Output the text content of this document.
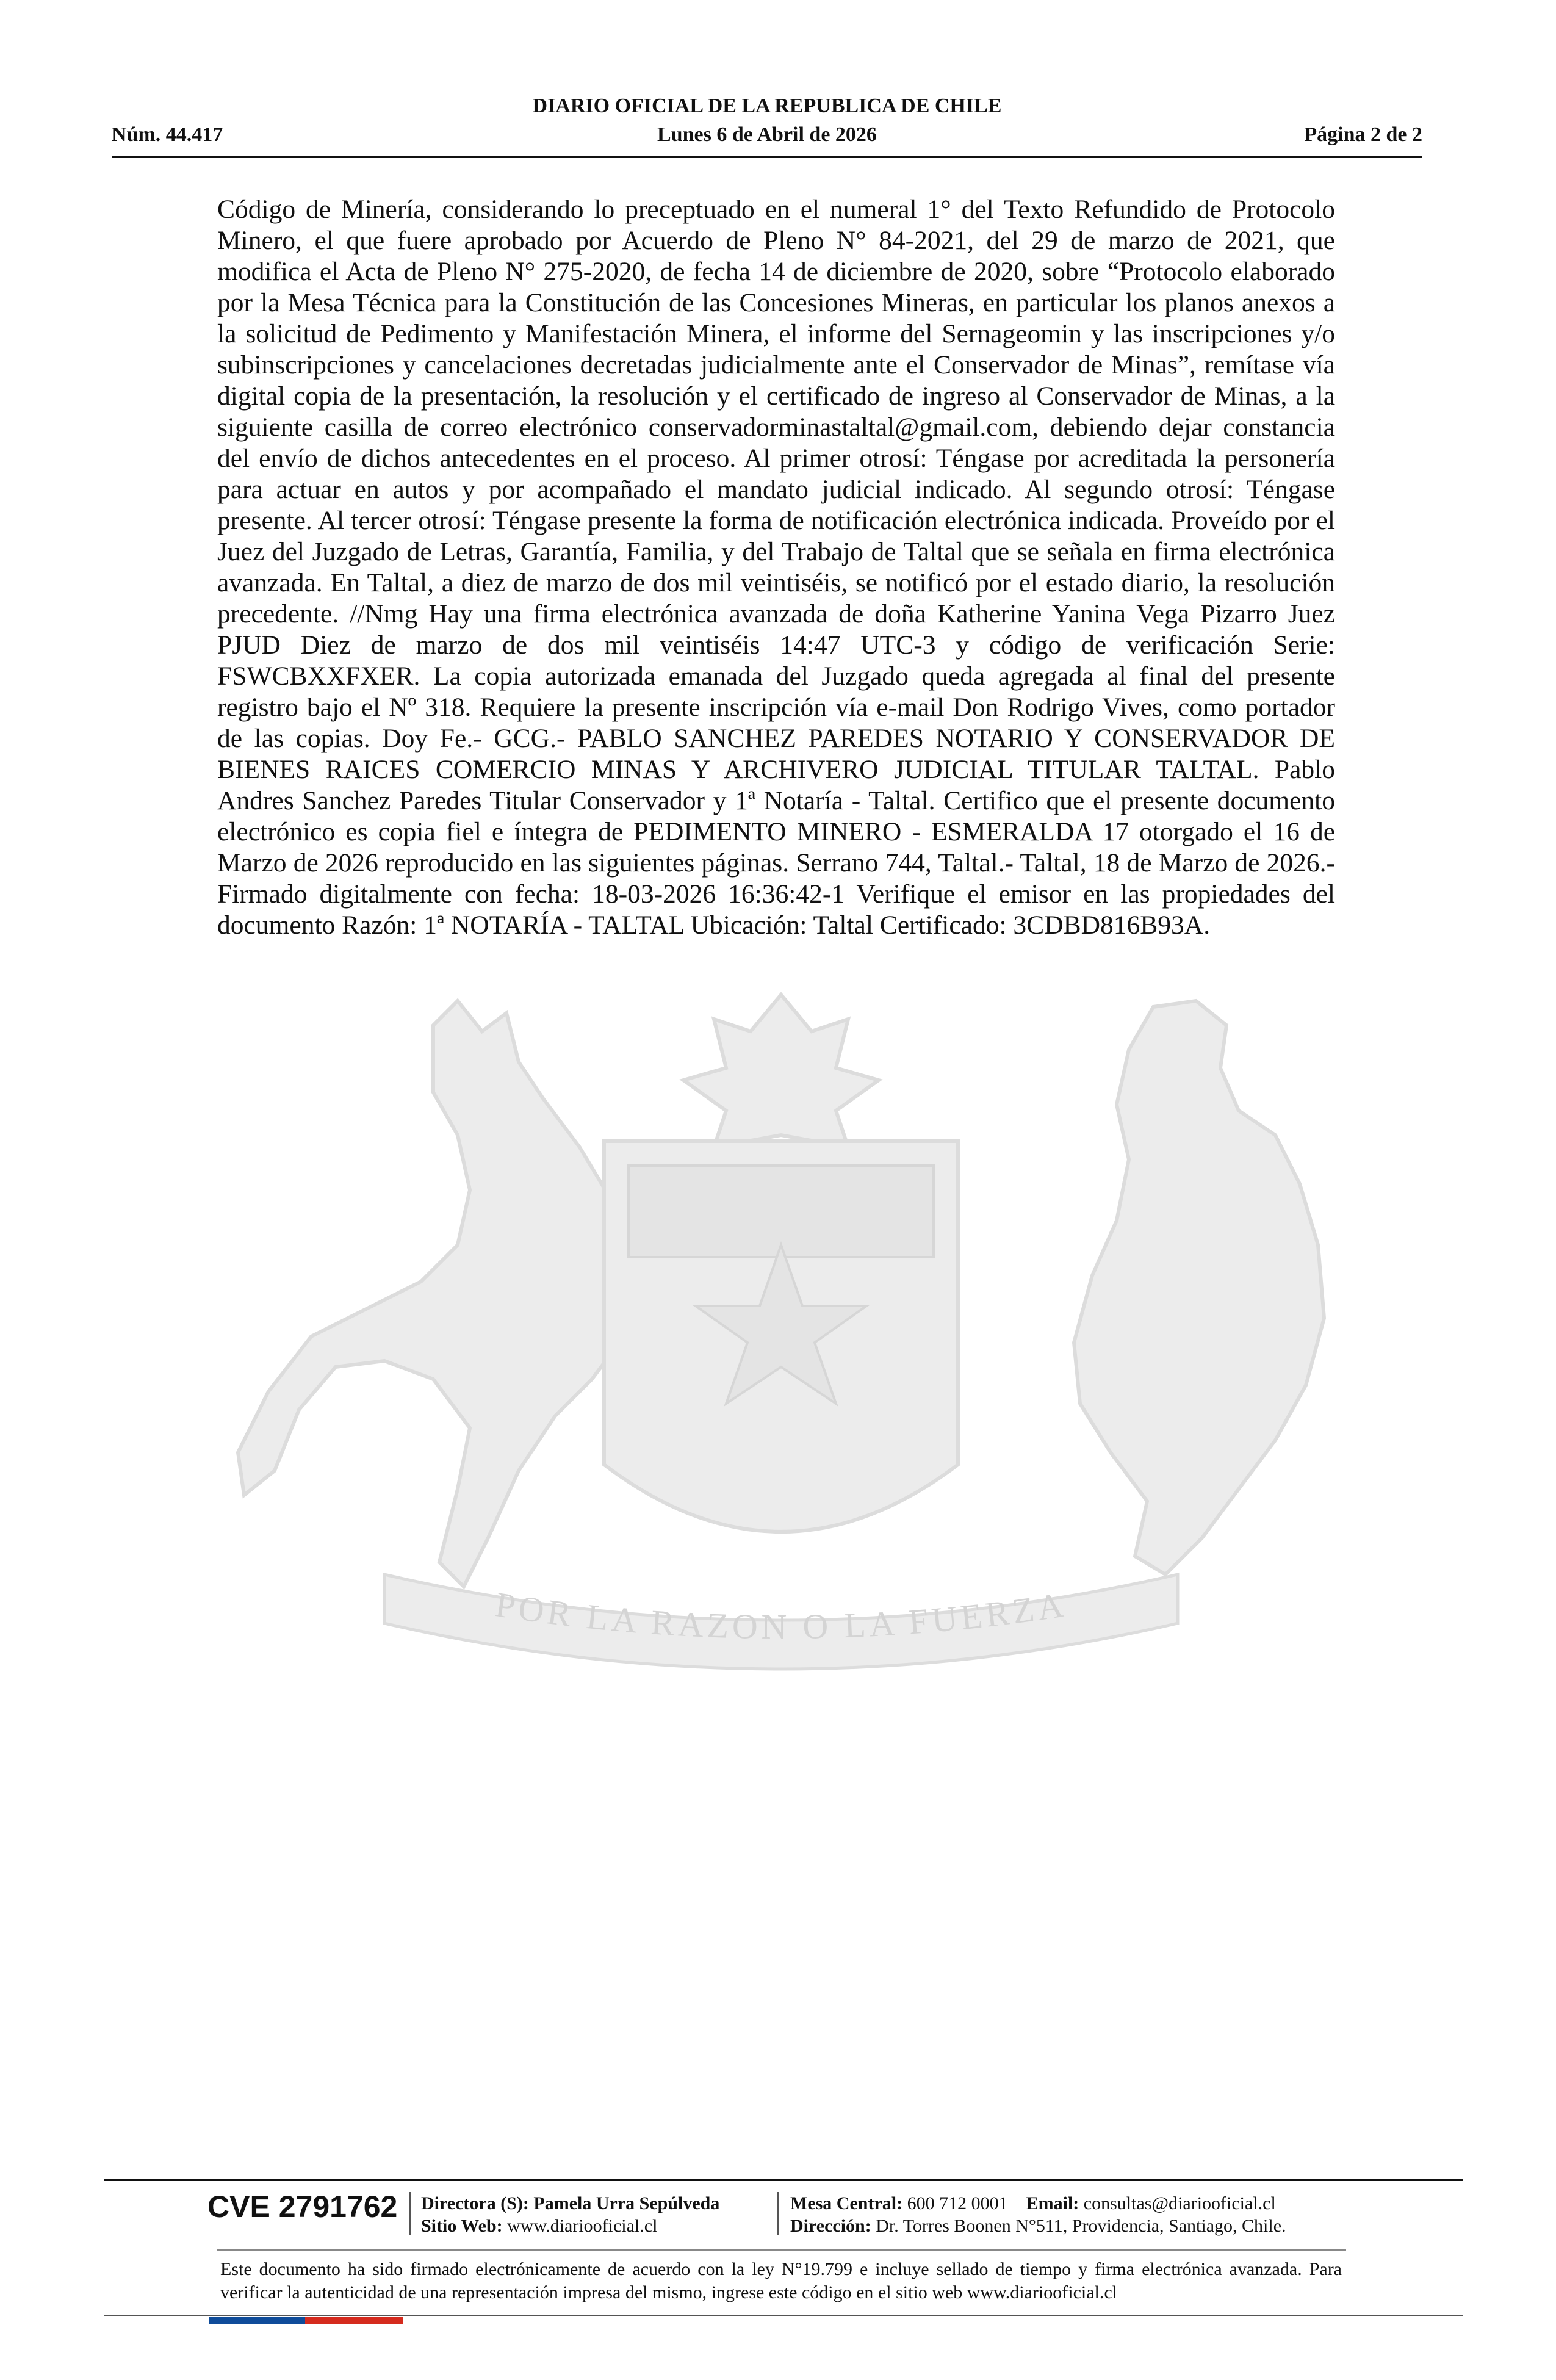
DIARIO OFICIAL DE LA REPUBLICA DE CHILE
Núm. 44.417	Lunes 6 de Abril de 2026	Página 2 de 2
POR LA RAZON O LA FUERZA
Código de Minería, considerando lo preceptuado en el numeral 1° del Texto Refundido de Protocolo Minero, el que fuere aprobado por Acuerdo de Pleno N° 84-2021, del 29 de marzo de 2021, que modifica el Acta de Pleno N° 275-2020, de fecha 14 de diciembre de 2020, sobre “Protocolo elaborado por la Mesa Técnica para la Constitución de las Concesiones Mineras, en particular los planos anexos a la solicitud de Pedimento y Manifestación Minera, el informe del Sernageomin y las inscripciones y/o subinscripciones y cancelaciones decretadas judicialmente ante el Conservador de Minas”, remítase vía digital copia de la presentación, la resolución y el certificado de ingreso al Conservador de Minas, a la siguiente casilla de correo electrónico conservadorminastaltal@gmail.com, debiendo dejar constancia del envío de dichos antecedentes en el proceso. Al primer otrosí: Téngase por acreditada la personería para actuar en autos y por acompañado el mandato judicial indicado. Al segundo otrosí: Téngase presente. Al tercer otrosí: Téngase presente la forma de notificación electrónica indicada. Proveído por el Juez del Juzgado de Letras, Garantía, Familia, y del Trabajo de Taltal que se señala en firma electrónica avanzada. En Taltal, a diez de marzo de dos mil veintiséis, se notificó por el estado diario, la resolución precedente. //Nmg Hay una firma electrónica avanzada de doña Katherine Yanina Vega Pizarro Juez PJUD Diez de marzo de dos mil veintiséis 14:47 UTC-3 y código de verificación Serie: FSWCBXXFXER. La copia autorizada emanada del Juzgado queda agregada al final del presente registro bajo el Nº 318. Requiere la presente inscripción vía e-mail Don Rodrigo Vives, como portador de las copias. Doy Fe.- GCG.- PABLO SANCHEZ PAREDES NOTARIO Y CONSERVADOR DE BIENES RAICES COMERCIO MINAS Y ARCHIVERO JUDICIAL TITULAR TALTAL. Pablo Andres Sanchez Paredes Titular Conservador y 1ª Notaría - Taltal. Certifico que el presente documento electrónico es copia fiel e íntegra de PEDIMENTO MINERO - ESMERALDA 17 otorgado el 16 de Marzo de 2026 reproducido en las siguientes páginas. Serrano 744, Taltal.- Taltal, 18 de Marzo de 2026.- Firmado digitalmente con fecha: 18-03-2026 16:36:42-1 Verifique el emisor en las propiedades del documento Razón: 1ª NOTARÍA - TALTAL Ubicación: Taltal Certificado: 3CDBD816B93A.
CVE 2791762 Directora (S): Pamela Urra Sepúlveda
Sitio Web: www.diariooficial.cl
Mesa Central: 600 712 0001 Email: consultas@diariooficial.cl
Dirección: Dr. Torres Boonen N°511, Providencia, Santiago, Chile.
Este documento ha sido firmado electrónicamente de acuerdo con la ley N°19.799 e incluye sellado de tiempo y firma electrónica avanzada. Para verificar la autenticidad de una representación impresa del mismo, ingrese este código en el sitio web www.diariooficial.cl
